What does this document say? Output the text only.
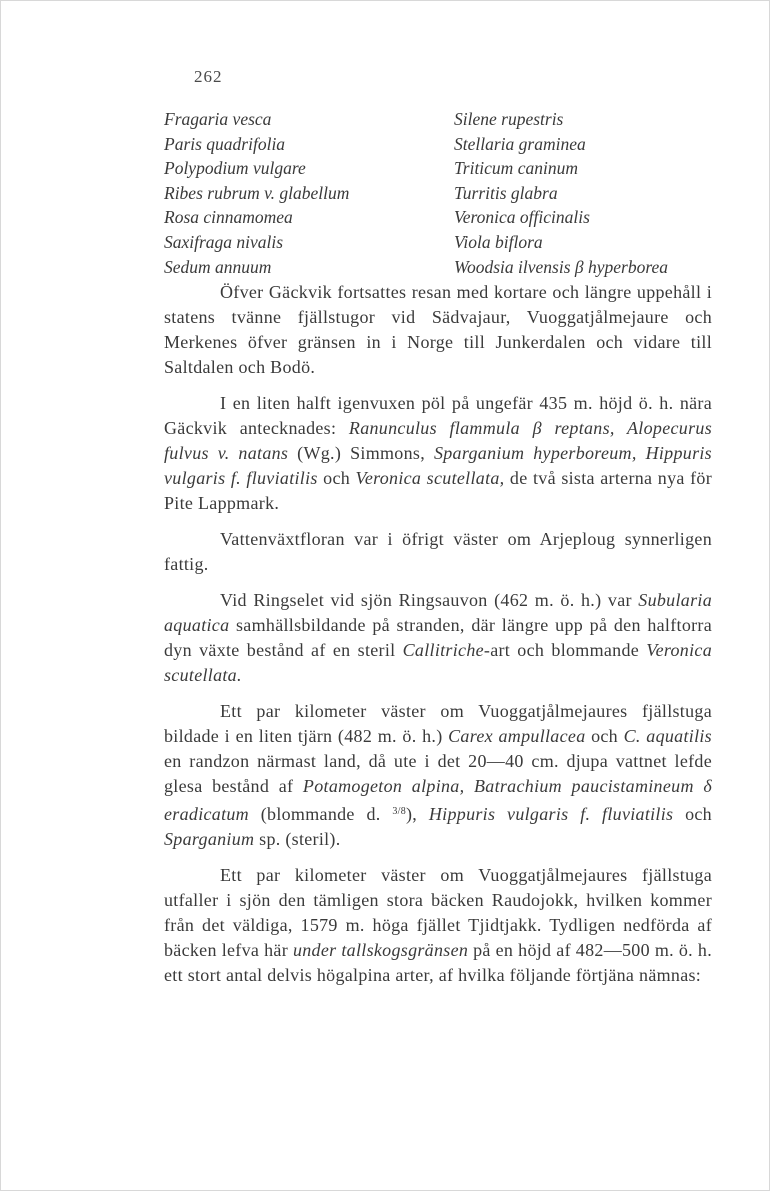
262
Fragaria vesca
Paris quadrifolia
Polypodium vulgare
Ribes rubrum v. glabellum
Rosa cinnamomea
Saxifraga nivalis
Sedum annuum
Silene rupestris
Stellaria graminea
Triticum caninum
Turritis glabra
Veronica officinalis
Viola biflora
Woodsia ilvensis β hyperborea

Öfver Gäckvik fortsattes resan med kortare och längre uppehåll i statens tvänne fjällstugor vid Sädvajaur, Vuoggatjålmejaure och Merkenes öfver gränsen in i Norge till Junkerdalen och vidare till Saltdalen och Bodö.

I en liten halft igenvuxen pöl på ungefär 435 m. höjd ö. h. nära Gäckvik antecknades: Ranunculus flammula β reptans, Alopecurus fulvus v. natans (Wg.) Simmons, Sparganium hyperboreum, Hippuris vulgaris f. fluviatilis och Veronica scutellata, de två sista arterna nya för Pite Lappmark.

Vattenväxtfloran var i öfrigt väster om Arjeploug synnerligen fattig.

Vid Ringselet vid sjön Ringsauvon (462 m. ö. h.) var Subularia aquatica samhällsbildande på stranden, där längre upp på den halftorra dyn växte bestånd af en steril Callitriche-art och blommande Veronica scutellata.

Ett par kilometer väster om Vuoggatjålmejaures fjällstuga bildade i en liten tjärn (482 m. ö. h.) Carex ampullacea och C. aquatilis en randzon närmast land, då ute i det 20—40 cm. djupa vattnet lefde glesa bestånd af Potamogeton alpina, Batrachium paucistamineum δ eradicatum (blommande d. $^{3/8}$), Hippuris vulgaris f. fluviatilis och Sparganium sp. (steril).

Ett par kilometer väster om Vuoggatjålmejaures fjällstuga utfaller i sjön den tämligen stora bäcken Raudojokk, hvilken kommer från det väldiga, 1579 m. höga fjället Tjidtjakk. Tydligen nedförda af bäcken lefva här under tallskogsgränsen på en höjd af 482—500 m. ö. h. ett stort antal delvis högalpina arter, af hvilka följande förtjäna nämnas:
